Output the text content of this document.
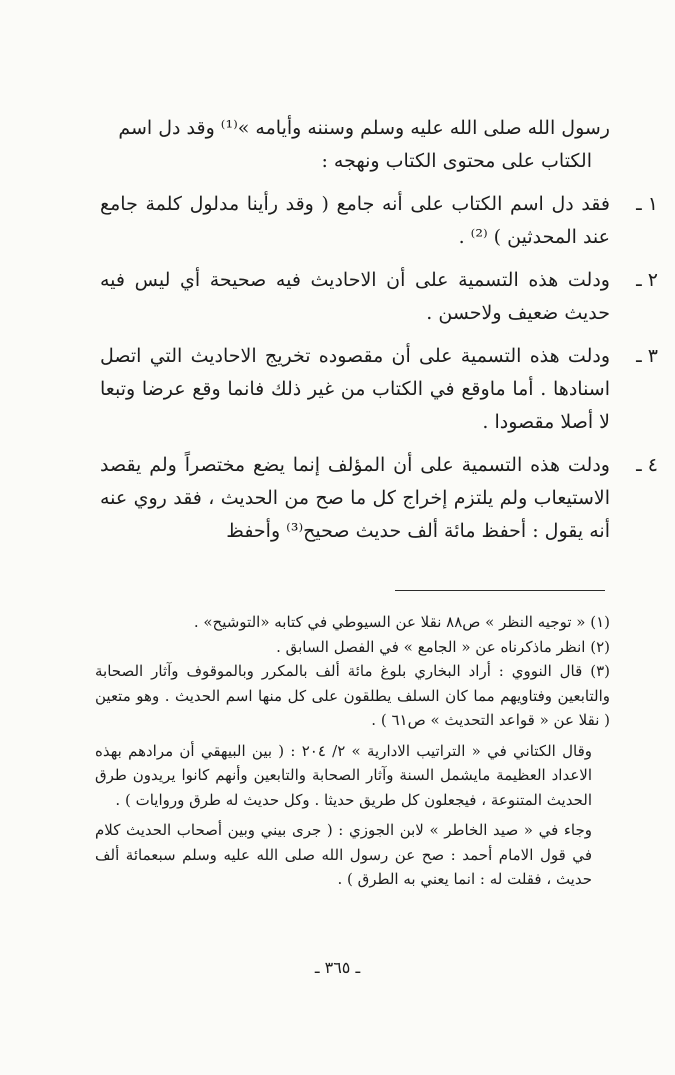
رسول الله صلى الله عليه وسلم وسننه وأيامه »⁽¹⁾ وقد دل اسم

الكتاب على محتوى الكتاب ونهجه :

١ ـ

فقد دل اسم الكتاب على أنه جامع ( وقد رأينا مدلول كلمة جامع عند المحدثين ) ⁽²⁾ .

٢ ـ

ودلت هذه التسمية على أن الاحاديث فيه صحيحة أي ليس فيه حديث ضعيف ولاحسن .

٣ ـ

ودلت هذه التسمية على أن مقصوده تخريج الاحاديث التي اتصل اسنادها . أما ماوقع في الكتاب من غير ذلك فانما وقع عرضا وتبعا لا أصلا مقصودا .

٤ ـ

ودلت هذه التسمية على أن المؤلف إنما يضع مختصراً ولم يقصد الاستيعاب ولم يلتزم إخراج كل ما صح من الحديث ، فقد روي عنه أنه يقول : أحفظ مائة ألف حديث صحيح⁽³⁾ وأحفظ

(١) « توجيه النظر » ص٨٨ نقلا عن السيوطي في كتابه «التوشيح» .

(٢) انظر ماذكرناه عن « الجامع » في الفصل السابق .

(٣) قال النووي : أراد البخاري بلوغ مائة ألف بالمكرر وبالموقوف وآثار الصحابة والتابعين وفتاويهم مما كان السلف يطلقون على كل منها اسم الحديث . وهو متعين ( نقلا عن « قواعد التحديث » ص٦١ ) .

وقال الكتاني في « التراتيب الادارية » ٢/ ٢٠٤ : ( بين البيهقي أن مرادهم بهذه الاعداد العظيمة مايشمل السنة وآثار الصحابة والتابعين وأنهم كانوا يريدون طرق الحديث المتنوعة ، فيجعلون كل طريق حديثا . وكل حديث له طرق وروايات ) .

وجاء في « صيد الخاطر » لابن الجوزي : ( جرى بيني وبين أصحاب الحديث كلام في قول الامام أحمد : صح عن رسول الله صلى الله عليه وسلم سبعمائة ألف حديث ، فقلت له : انما يعني به الطرق ) .

ـ ٣٦٥ ـ
